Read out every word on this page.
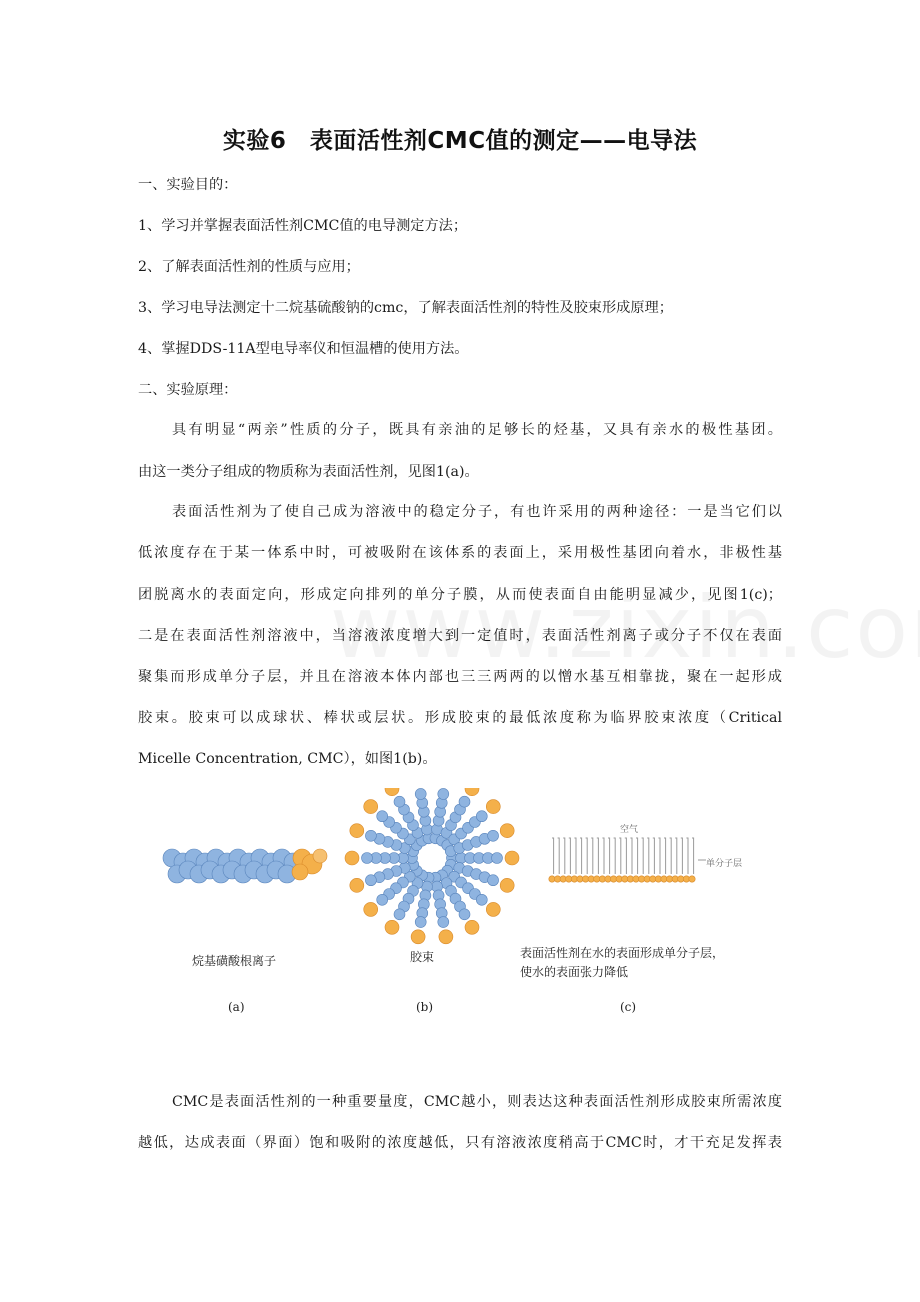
实验6　表面活性剂CMC值的测定——电导法
一、实验目的：
1、学习并掌握表面活性剂CMC值的电导测定方法；
2、了解表面活性剂的性质与应用；
3、学习电导法测定十二烷基硫酸钠的cmc，了解表面活性剂的特性及胶束形成原理；
4、掌握DDS-11A型电导率仪和恒温槽的使用方法。
二、实验原理：
具有明显“两亲”性质的分子，既具有亲油的足够长的烃基，又具有亲水的极性基团。
由这一类分子组成的物质称为表面活性剂，见图1(a)。
表面活性剂为了使自己成为溶液中的稳定分子，有也许采用的两种途径：一是当它们以
低浓度存在于某一体系中时，可被吸附在该体系的表面上，采用极性基团向着水，非极性基
团脱离水的表面定向，形成定向排列的单分子膜，从而使表面自由能明显减少，见图1(c)；
二是在表面活性剂溶液中，当溶液浓度增大到一定值时，表面活性剂离子或分子不仅在表面
聚集而形成单分子层，并且在溶液本体内部也三三两两的以憎水基互相靠拢，聚在一起形成
胶束。胶束可以成球状、棒状或层状。形成胶束的最低浓度称为临界胶束浓度（Critical
Micelle Concentration, CMC），如图1(b)。
烷基磺酸根离子	胶束	表面活性剂在水的表面形成单分子层，
使水的表面张力降低
空气
单分子层
(a)	(b)	(c)
CMC是表面活性剂的一种重要量度，CMC越小，则表达这种表面活性剂形成胶束所需浓度
越低，达成表面（界面）饱和吸附的浓度越低，只有溶液浓度稍高于CMC时，才干充足发挥表
